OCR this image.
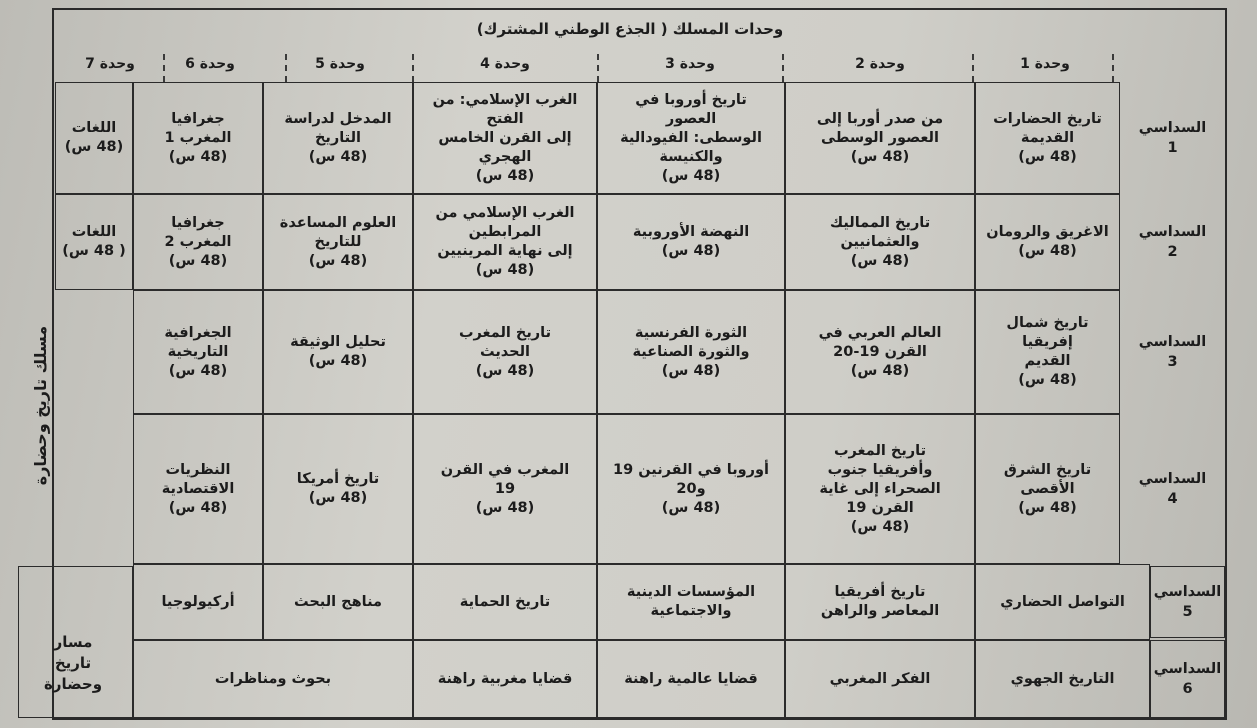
وحدات المسلك ( الجذع الوطني المشترك)
وحدة 1
وحدة 2
وحدة 3
وحدة 4
وحدة 5
وحدة 6
وحدة 7
السداسي
1
السداسي
2
السداسي
3
السداسي
4
السداسي
5
السداسي
6
مسلك تاريخ وحضارة
مسار
تاريخ
وحضارة
تاريخ الحضارات
القديمة
(48 س)
من صدر أوربا إلى
العصور الوسطى
(48 س)
تاريخ أوروبا في
العصور
الوسطى: الفيودالية
والكنيسة
(48 س)
الغرب الإسلامي: من
الفتح
إلى القرن الخامس
الهجري
(48 س)
المدخل لدراسة
التاريخ
(48 س)
جغرافيا
المغرب 1
(48 س)
اللغات
(48 س)
الاغريق والرومان
(48 س)
تاريخ المماليك
والعثمانيين
(48 س)
النهضة الأوروبية
(48 س)
الغرب الإسلامي من
المرابطين
إلى نهاية المرينيين
(48 س)
العلوم المساعدة
للتاريخ
(48 س)
جغرافيا
المغرب 2
(48 س)
اللغات
( 48 س)
تاريخ شمال إفريقيا
القديم
(48 س)
العالم العربي في
القرن 19-20
(48 س)
الثورة الفرنسية
والثورة الصناعية
(48 س)
تاريخ المغرب
الحديث
(48 س)
تحليل الوثيقة
(48 س)
الجغرافية
التاريخية
(48 س)
تاريخ الشرق
الأقصى
(48 س)
تاريخ المغرب
وأفريقيا جنوب
الصحراء إلى غاية
القرن 19
(48 س)
أوروبا في القرنين 19
و20
(48 س)
المغرب في القرن
19
(48 س)
تاريخ أمريكا
(48 س)
النظريات
الاقتصادية
(48 س)
التواصل الحضاري
تاريخ أفريقيا
المعاصر والراهن
المؤسسات الدينية
والاجتماعية
تاريخ الحماية
مناهج البحث
أركيولوجيا
التاريخ الجهوي
الفكر المغربي
قضايا عالمية راهنة
قضايا مغربية راهنة
بحوث ومناظرات
